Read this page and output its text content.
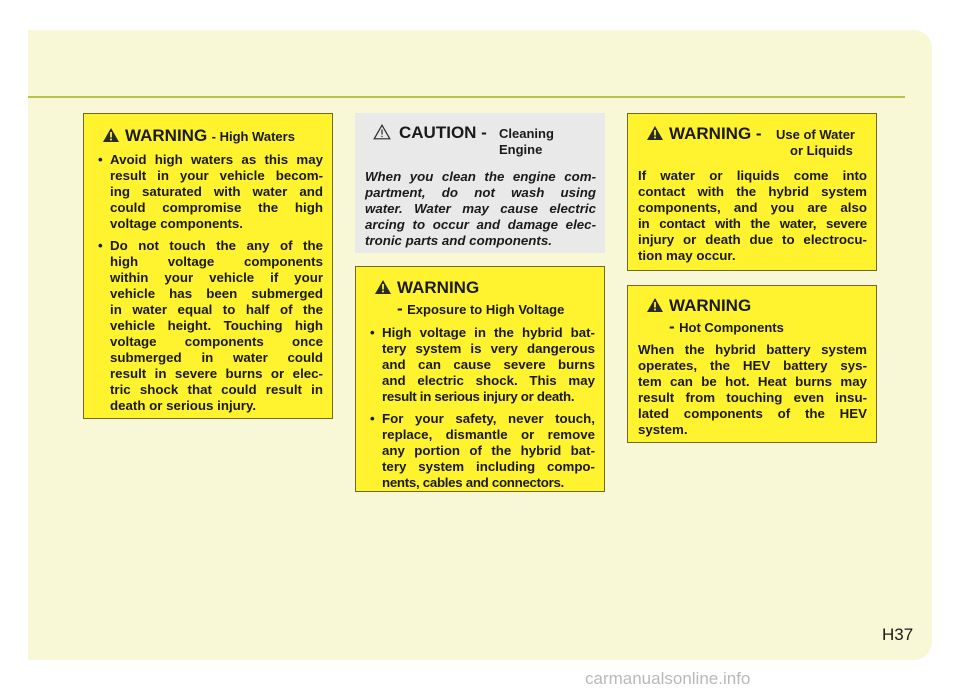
WARNING - High Waters
• Avoid high waters as this may
result in your vehicle becom-
ing saturated with water and
could compromise the high
voltage components.
• Do not touch the any of the
high voltage components
within your vehicle if your
vehicle has been submerged
in water equal to half of the
vehicle height. Touching high
voltage components once
submerged in water could
result in severe burns or elec-
tric shock that could result in
death or serious injury.
CAUTION - Cleaning
Engine
When you clean the engine com-
partment, do not wash using
water. Water may cause electric
arcing to occur and damage elec-
tronic parts and components.
WARNING
- Exposure to High Voltage
• High voltage in the hybrid bat-
tery system is very dangerous
and can cause severe burns
and electric shock. This may
result in serious injury or death.
• For your safety, never touch,
replace, dismantle or remove
any portion of the hybrid bat-
tery system including compo-
nents, cables and connectors.
WARNING - Use of Water
or Liquids
If water or liquids come into
contact with the hybrid system
components, and you are also
in contact with the water, severe
injury or death due to electrocu-
tion may occur.
WARNING
- Hot Components
When the hybrid battery system
operates, the HEV battery sys-
tem can be hot. Heat burns may
result from touching even insu-
lated components of the HEV
system.
H37
carmanualsonline.info
